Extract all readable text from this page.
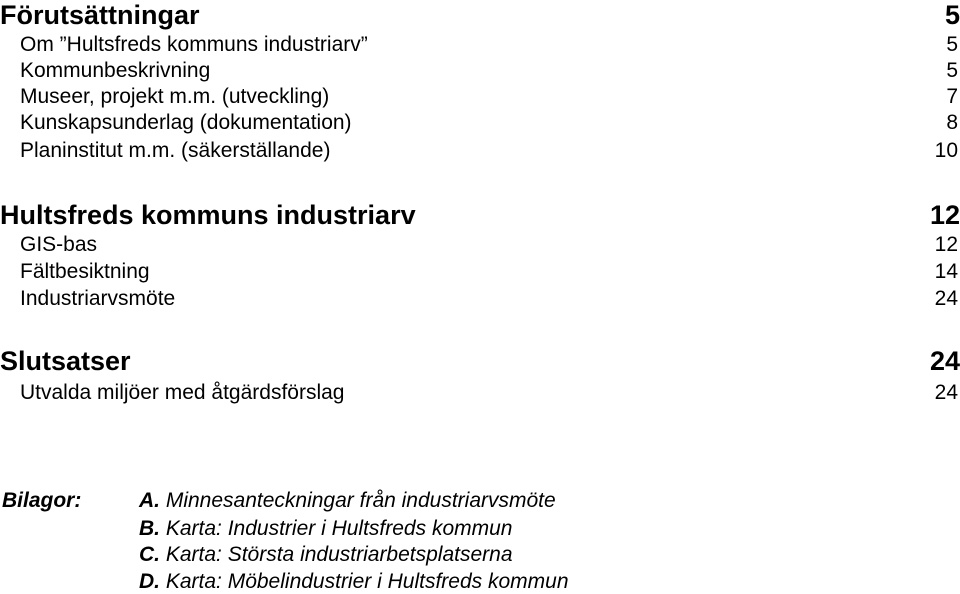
Förutsättningar	5
Om ”Hultsfreds kommuns industriarv”	5
Kommunbeskrivning	5
Museer, projekt m.m. (utveckling)	7
Kunskapsunderlag (dokumentation)	8
Planinstitut m.m. (säkerställande)	10
Hultsfreds kommuns industriarv	12
GIS-bas	12
Fältbesiktning	14
Industriarvsmöte	24
Slutsatser	24
Utvalda miljöer med åtgärdsförslag	24
Bilagor:	A. Minnesanteckningar från industriarvsmöte
B. Karta: Industrier i Hultsfreds kommun
C. Karta: Största industriarbetsplatserna
D. Karta: Möbelindustrier i Hultsfreds kommun
